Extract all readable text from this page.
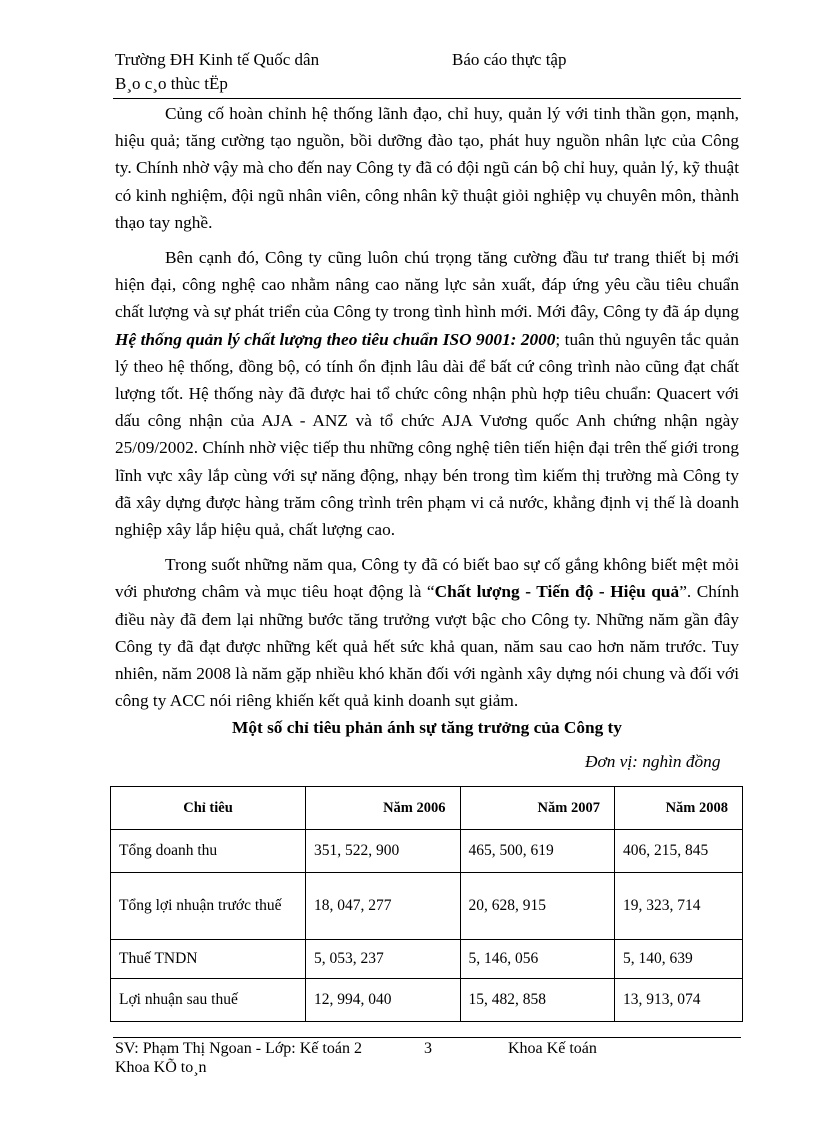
Trường ĐH Kinh tế Quốc dân	Báo cáo thực tập
B¸o c¸o thùc tËp

Củng cố hoàn chỉnh hệ thống lãnh đạo, chỉ huy, quản lý với tinh thần gọn, mạnh, hiệu quả; tăng cường tạo nguồn, bồi dưỡng đào tạo, phát huy nguồn nhân lực của Công ty. Chính nhờ vậy mà cho đến nay Công ty đã có đội ngũ cán bộ chỉ huy, quản lý, kỹ thuật có kinh nghiệm, đội ngũ nhân viên, công nhân kỹ thuật giỏi nghiệp vụ chuyên môn, thành thạo tay nghề.

Bên cạnh đó, Công ty cũng luôn chú trọng tăng cường đầu tư trang thiết bị mới hiện đại, công nghệ cao nhằm nâng cao năng lực sản xuất, đáp ứng yêu cầu tiêu chuẩn chất lượng và sự phát triển của Công ty trong tình hình mới. Mới đây, Công ty đã áp dụng Hệ thống quản lý chất lượng theo tiêu chuẩn ISO 9001: 2000; tuân thủ nguyên tắc quản lý theo hệ thống, đồng bộ, có tính ổn định lâu dài để bất cứ công trình nào cũng đạt chất lượng tốt. Hệ thống này đã được hai tổ chức công nhận phù hợp tiêu chuẩn: Quacert với dấu công nhận của AJA - ANZ và tổ chức AJA Vương quốc Anh chứng nhận ngày 25/09/2002. Chính nhờ việc tiếp thu những công nghệ tiên tiến hiện đại trên thế giới trong lĩnh vực xây lắp cùng với sự năng động, nhạy bén trong tìm kiếm thị trường mà Công ty đã xây dựng được hàng trăm công trình trên phạm vi cả nước, khẳng định vị thế là doanh nghiệp xây lắp hiệu quả, chất lượng cao.

Trong suốt những năm qua, Công ty đã có biết bao sự cố gắng không biết mệt mỏi với phương châm và mục tiêu hoạt động là “Chất lượng - Tiến độ - Hiệu quả”. Chính điều này đã đem lại những bước tăng trưởng vượt bậc cho Công ty. Những năm gần đây Công ty đã đạt được những kết quả hết sức khả quan, năm sau cao hơn năm trước. Tuy nhiên, năm 2008 là năm gặp nhiều khó khăn đối với ngành xây dựng nói chung và đối với công ty ACC nói riêng khiến kết quả kinh doanh sụt giảm.

Một số chỉ tiêu phản ánh sự tăng trưởng của Công ty
Đơn vị: nghìn đồng
Chỉ tiêu	Năm 2006	Năm 2007	Năm 2008
Tổng doanh thu	351, 522, 900	465, 500, 619	406, 215, 845
Tổng lợi nhuận trước thuế	18, 047, 277	20, 628, 915	19, 323, 714
Thuế TNDN	5, 053, 237	5, 146, 056	5, 140, 639
Lợi nhuận sau thuế	12, 994, 040	15, 482, 858	13, 913, 074
SV: Phạm Thị Ngoan - Lớp: Kế toán 2	3	Khoa Kế toán
Khoa KÕ to¸n
